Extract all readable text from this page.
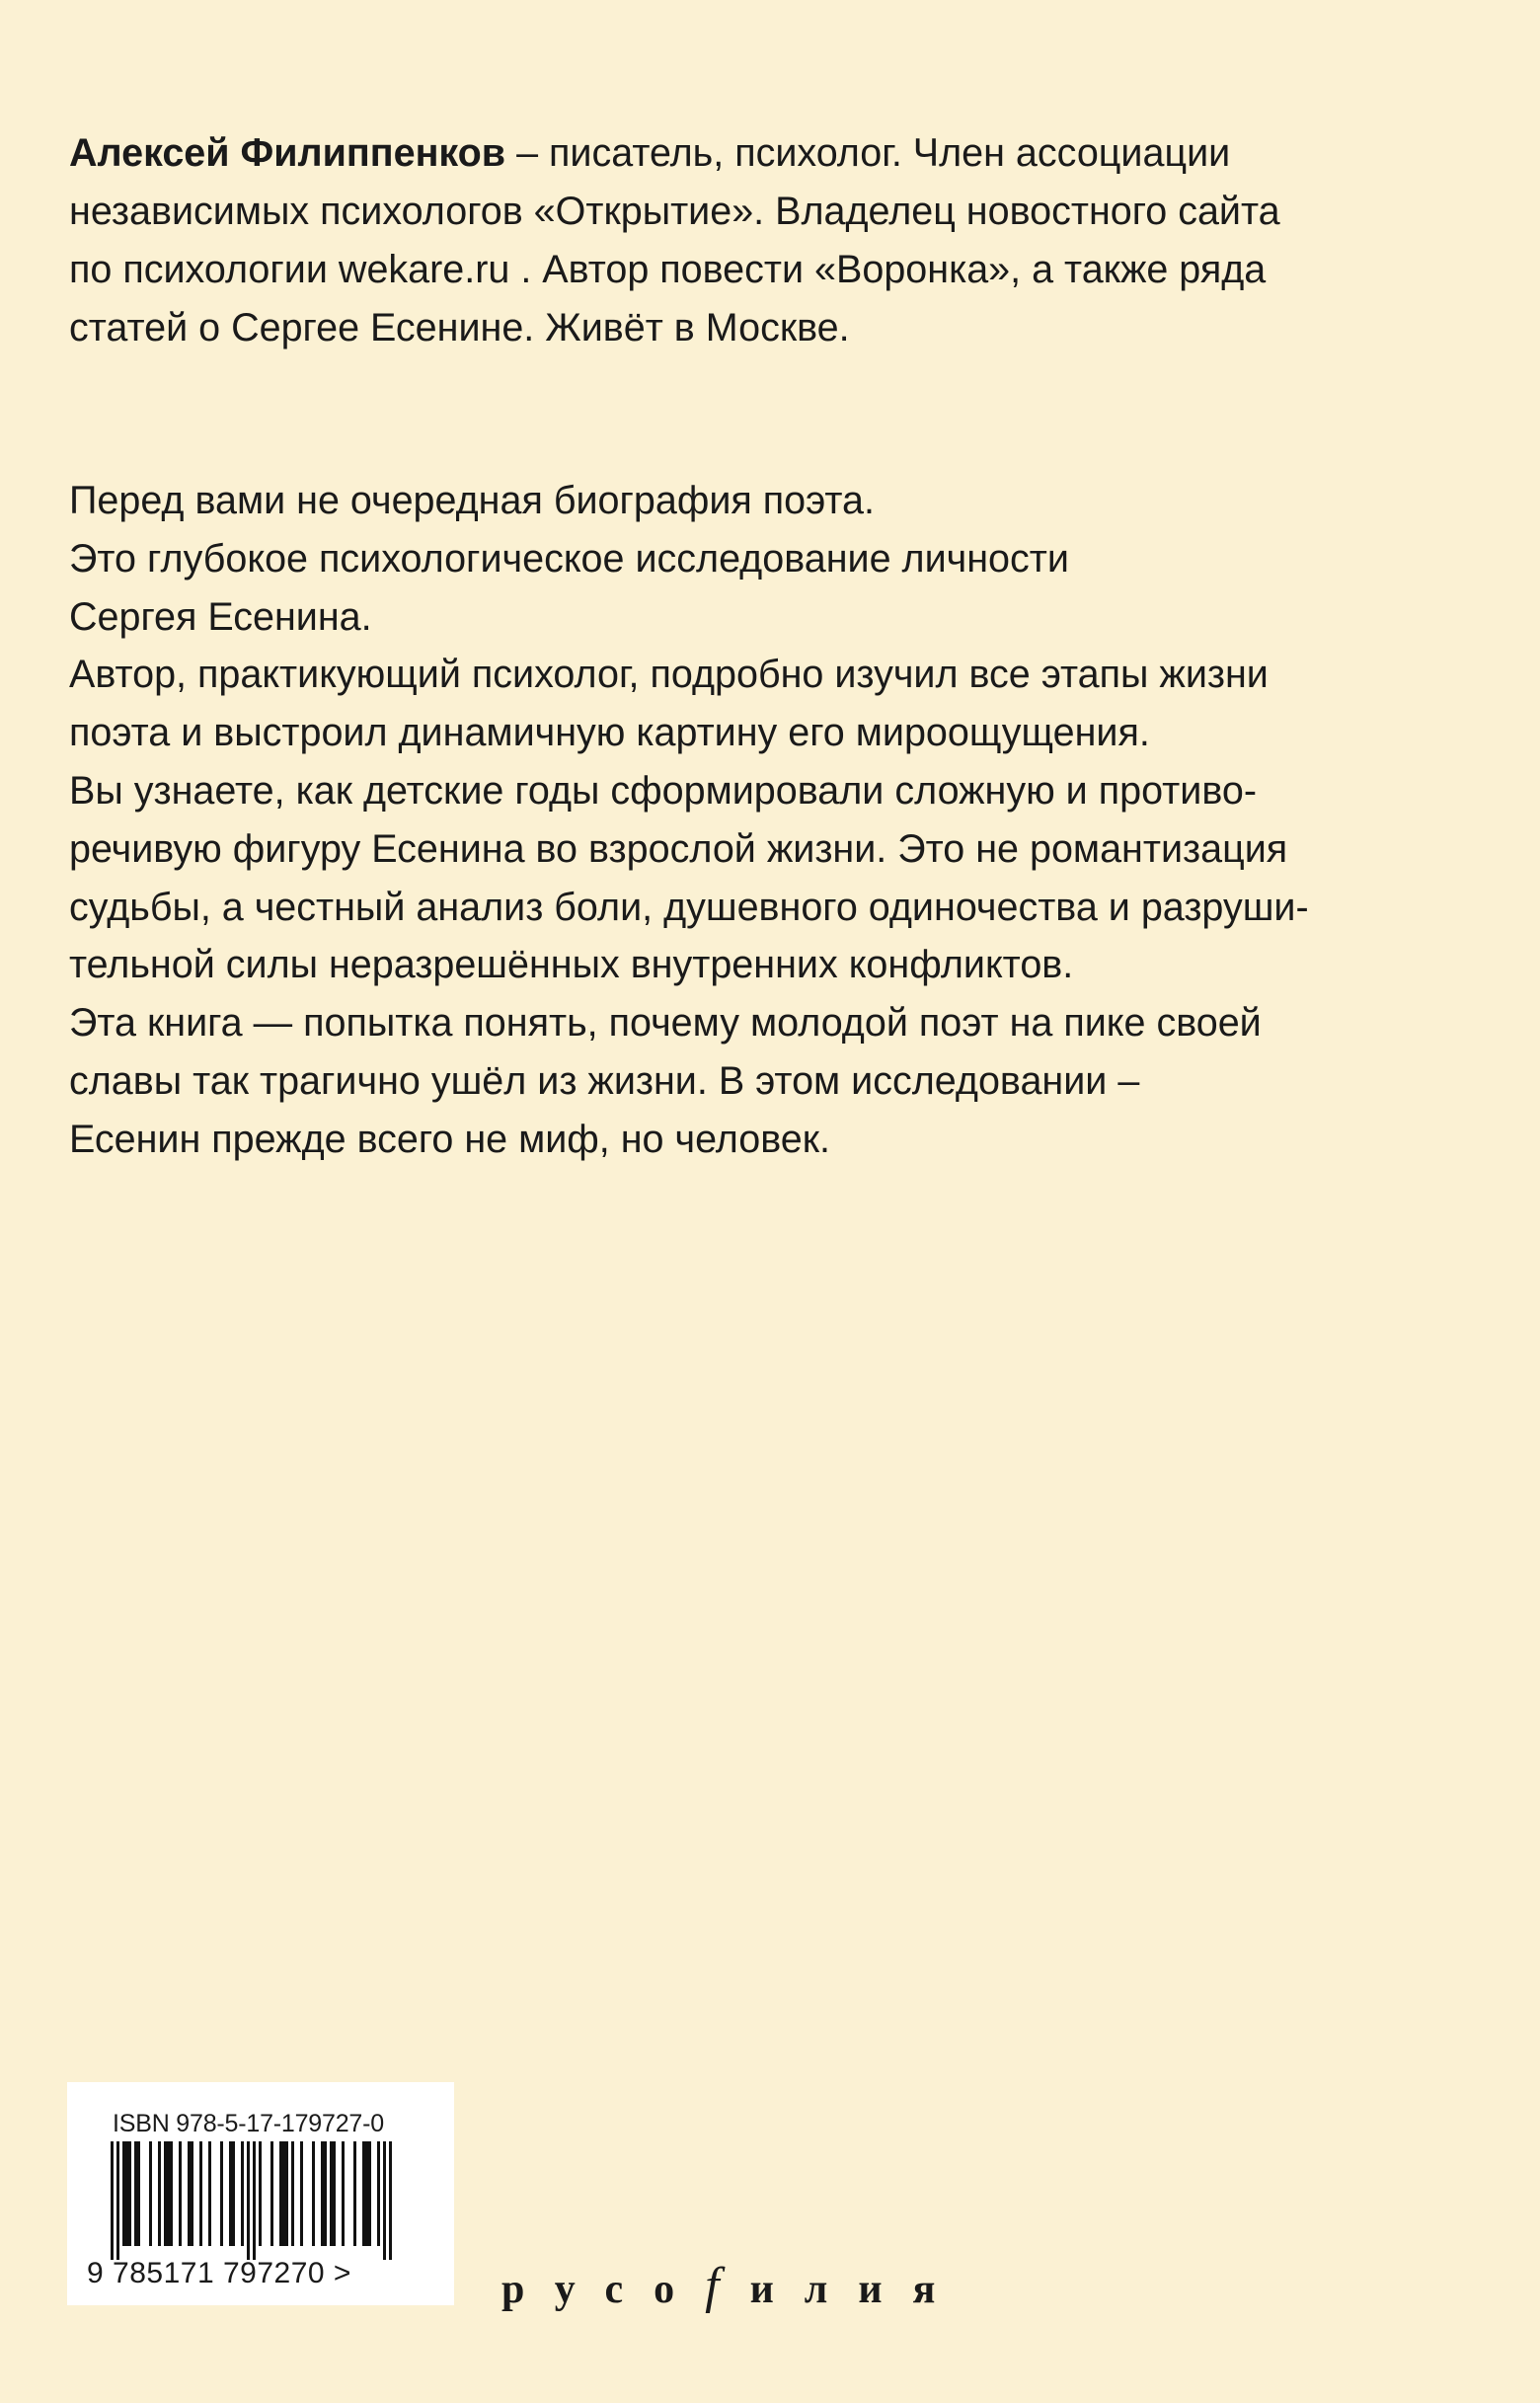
Алексей Филиппенков – писатель, психолог. Член ассоциации
независимых психологов «Открытие». Владелец новостного сайта
по психологии wekare.ru . Автор повести «Воронка», а также ряда
статей о Сергее Есенине. Живёт в Москве.
Перед вами не очередная биография поэта.
Это глубокое психологическое исследование личности
Сергея Есенина.
Автор, практикующий психолог, подробно изучил все этапы жизни
поэта и выстроил динамичную картину его мироощущения.
Вы узнаете, как детские годы сформировали сложную и противо-
речивую фигуру Есенина во взрослой жизни. Это не романтизация
судьбы, а честный анализ боли, душевного одиночества и разруши-
тельной силы неразрешённых внутренних конфликтов.
Эта книга — попытка понять, почему молодой поэт на пике своей
славы так трагично ушёл из жизни. В этом исследовании –
Есенин прежде всего не миф, но человек.
ISBN 978-5-17-179727-0
9 785171 797270 >	русоfилия
